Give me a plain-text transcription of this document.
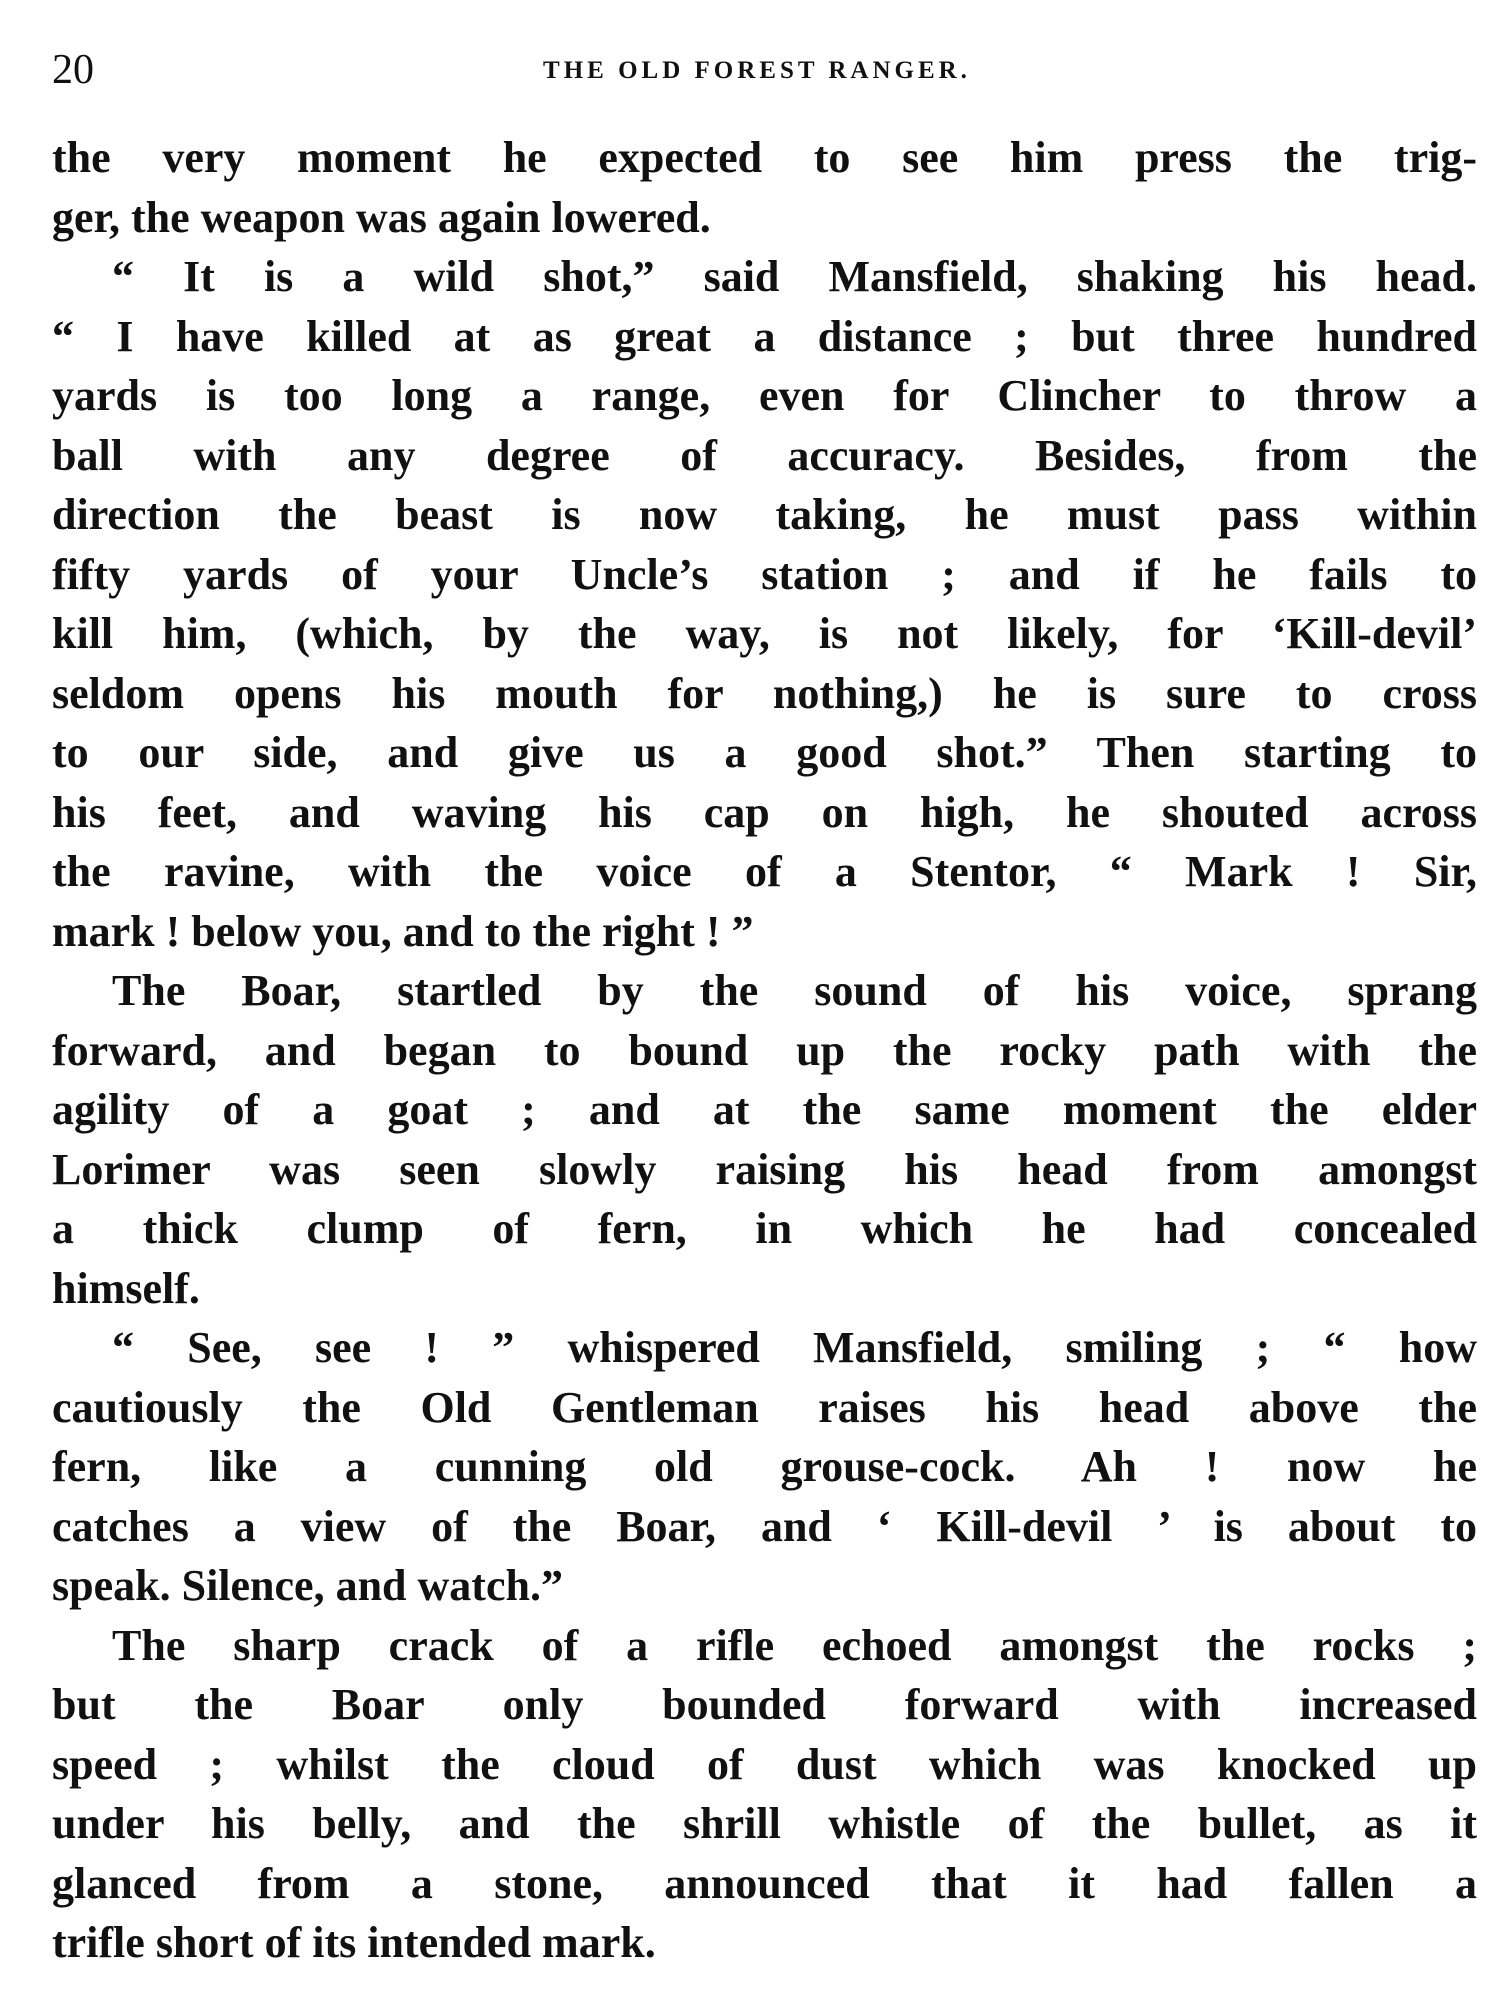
20	THE OLD FOREST RANGER.
the very moment he expected to see him press the trig-
ger, the weapon was again lowered.
“ It is a wild shot,” said Mansfield, shaking his head.
“ I have killed at as great a distance ; but three hundred
yards is too long a range, even for Clincher to throw a
ball with any degree of accuracy. Besides, from the
direction the beast is now taking, he must pass within
fifty yards of your Uncle’s station ; and if he fails to
kill him, (which, by the way, is not likely, for ‘Kill-devil’
seldom opens his mouth for nothing,) he is sure to cross
to our side, and give us a good shot.” Then starting to
his feet, and waving his cap on high, he shouted across
the ravine, with the voice of a Stentor, “ Mark ! Sir,
mark ! below you, and to the right ! ”
The Boar, startled by the sound of his voice, sprang
forward, and began to bound up the rocky path with the
agility of a goat ; and at the same moment the elder
Lorimer was seen slowly raising his head from amongst
a thick clump of fern, in which he had concealed
himself.
“ See, see ! ” whispered Mansfield, smiling ; “ how
cautiously the Old Gentleman raises his head above the
fern, like a cunning old grouse-cock. Ah ! now he
catches a view of the Boar, and ‘ Kill-devil ’ is about to
speak. Silence, and watch.”
The sharp crack of a rifle echoed amongst the rocks ;
but the Boar only bounded forward with increased
speed ; whilst the cloud of dust which was knocked up
under his belly, and the shrill whistle of the bullet, as it
glanced from a stone, announced that it had fallen a
trifle short of its intended mark.
